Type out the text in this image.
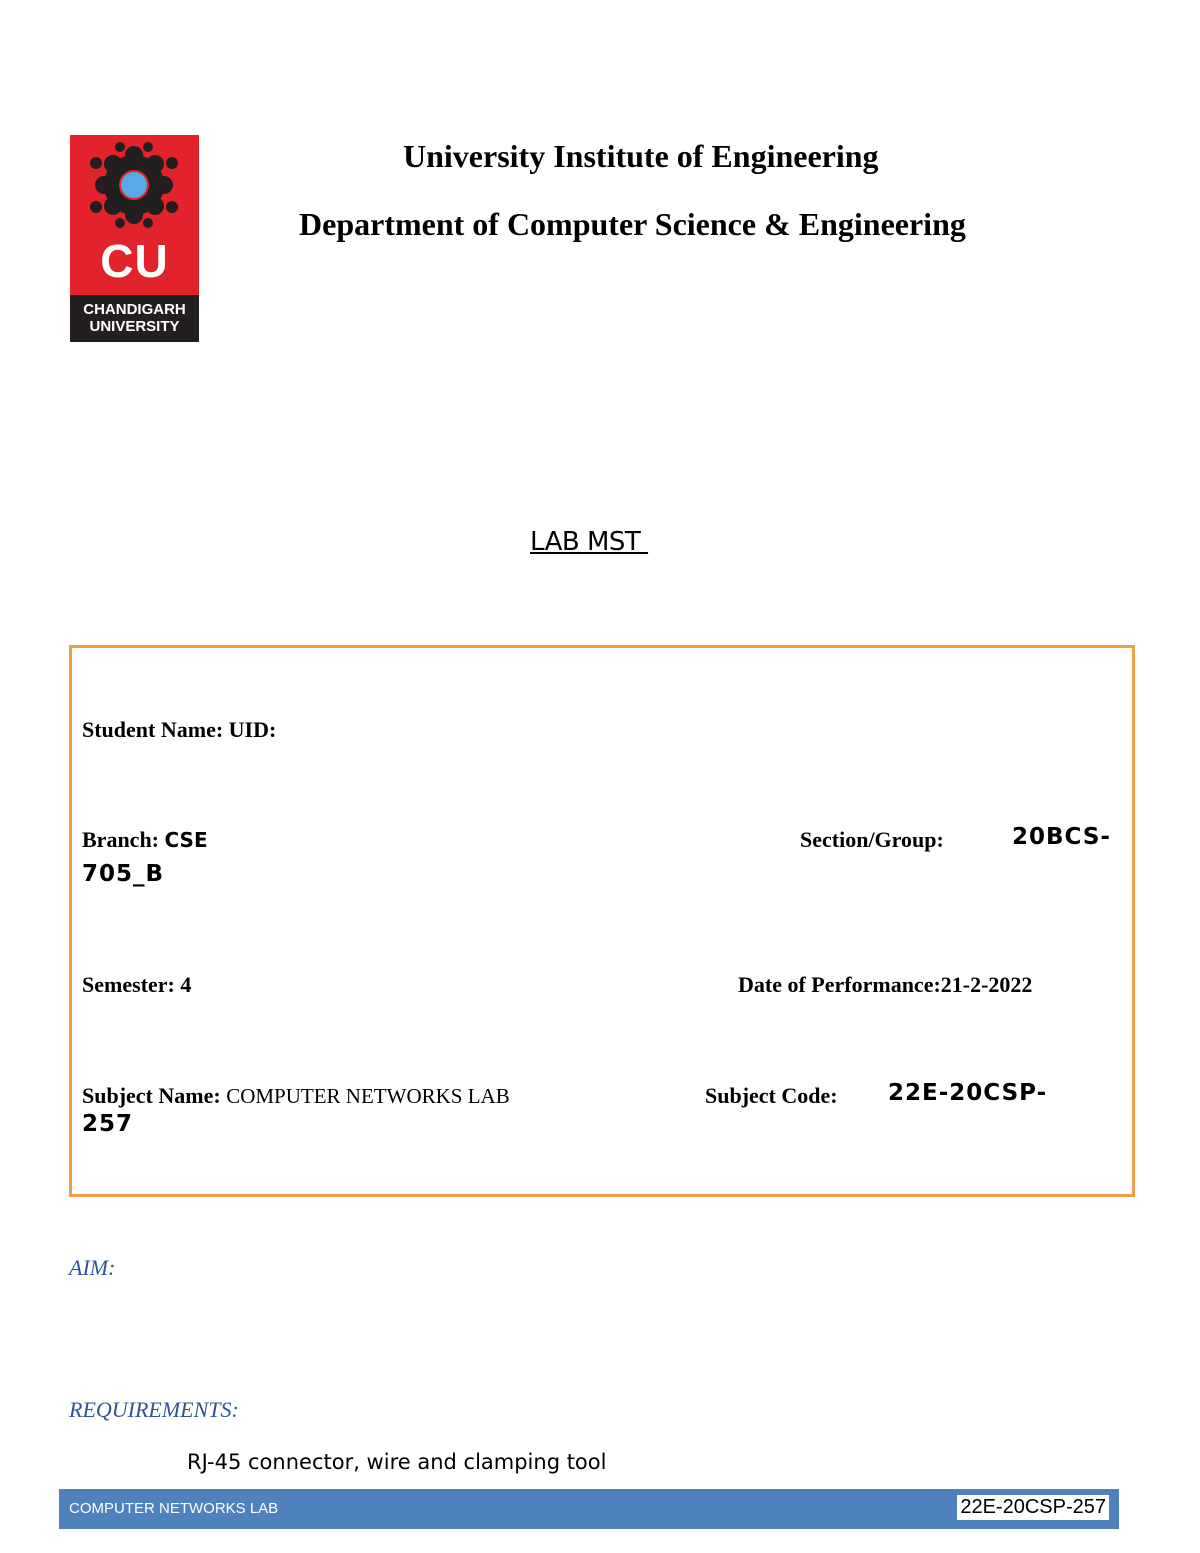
CU
CHANDIGARH
UNIVERSITY
University Institute of Engineering
Department of Computer Science & Engineering
LAB MST
Student Name: UID:
Branch: CSE	Section/Group:	20BCS-
705_B
Semester: 4	Date of Performance:21-2-2022
Subject Name: COMPUTER NETWORKS LAB	Subject Code: 22E-20CSP-
257
AIM:
REQUIREMENTS:
RJ-45 connector, wire and clamping tool
COMPUTER NETWORKS LAB	22E-20CSP-257
